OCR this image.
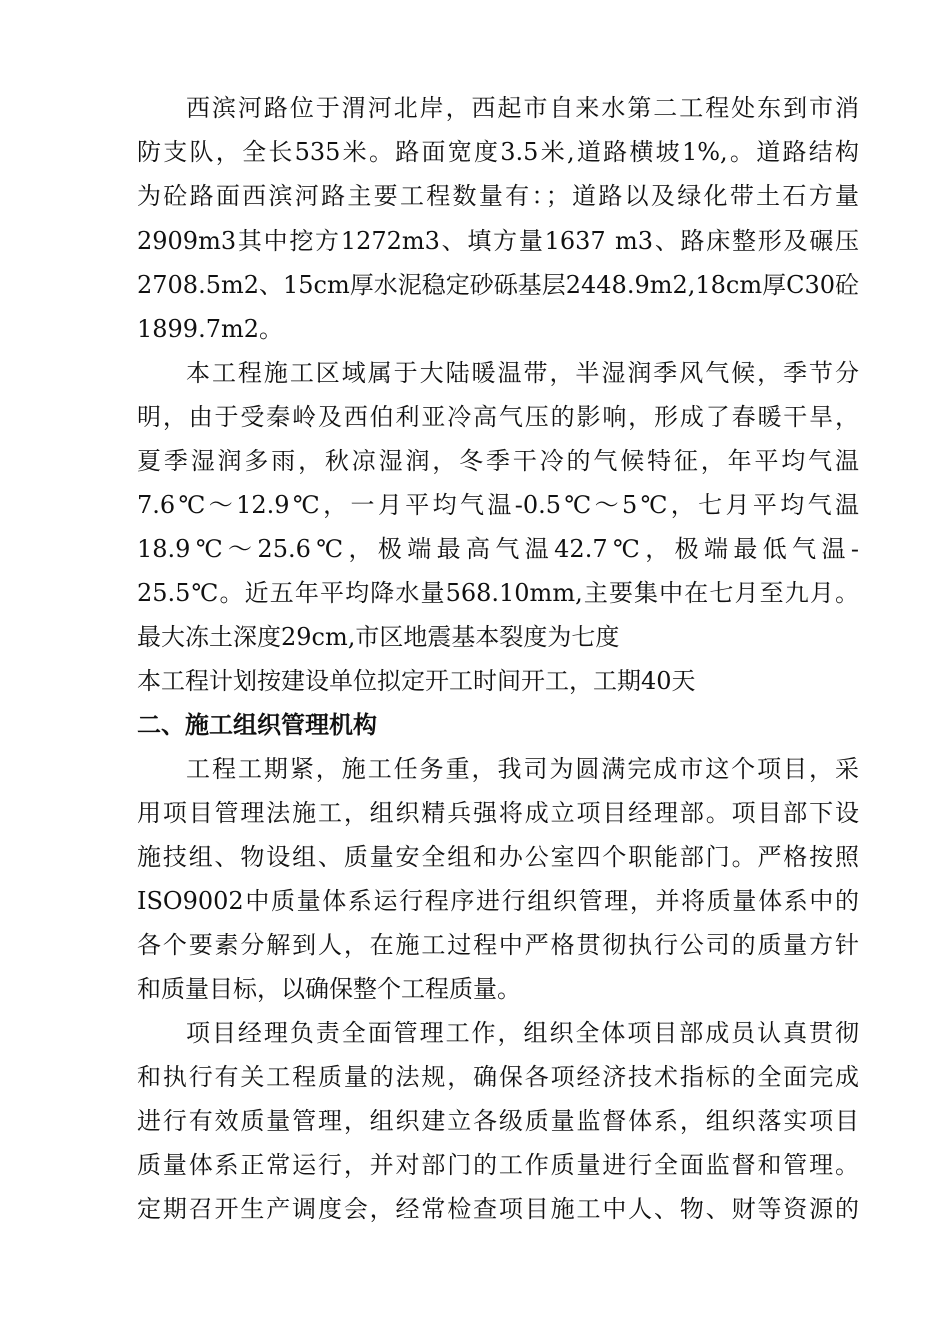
西滨河路位于渭河北岸，西起市自来水第二工程处东到市消
防支队，全长535米。路面宽度3.5米,道路横坡1%,。道路结构
为砼路面西滨河路主要工程数量有：；道路以及绿化带土石方量
2909m3其中挖方1272m3、填方量1637 m3、路床整形及碾压
2708.5m2、15cm厚水泥稳定砂砾基层2448.9m2,18cm厚C30砼
1899.7m2。
本工程施工区域属于大陆暖温带，半湿润季风气候，季节分
明，由于受秦岭及西伯利亚冷高气压的影响，形成了春暖干旱，
夏季湿润多雨，秋凉湿润，冬季干冷的气候特征，年平均气温
7.6℃～12.9℃，一月平均气温-0.5℃～5℃，七月平均气温
18.9℃～25.6℃，极端最高气温42.7℃，极端最低气温-
25.5℃。近五年平均降水量568.10mm,主要集中在七月至九月。
最大冻土深度29cm,市区地震基本裂度为七度
本工程计划按建设单位拟定开工时间开工，工期40天
二、施工组织管理机构
工程工期紧，施工任务重，我司为圆满完成市这个项目，采
用项目管理法施工，组织精兵强将成立项目经理部。项目部下设
施技组、物设组、质量安全组和办公室四个职能部门。严格按照
ISO9002中质量体系运行程序进行组织管理，并将质量体系中的
各个要素分解到人，在施工过程中严格贯彻执行公司的质量方针
和质量目标，以确保整个工程质量。
项目经理负责全面管理工作，组织全体项目部成员认真贯彻
和执行有关工程质量的法规，确保各项经济技术指标的全面完成
进行有效质量管理，组织建立各级质量监督体系，组织落实项目
质量体系正常运行，并对部门的工作质量进行全面监督和管理。
定期召开生产调度会，经常检查项目施工中人、物、财等资源的
